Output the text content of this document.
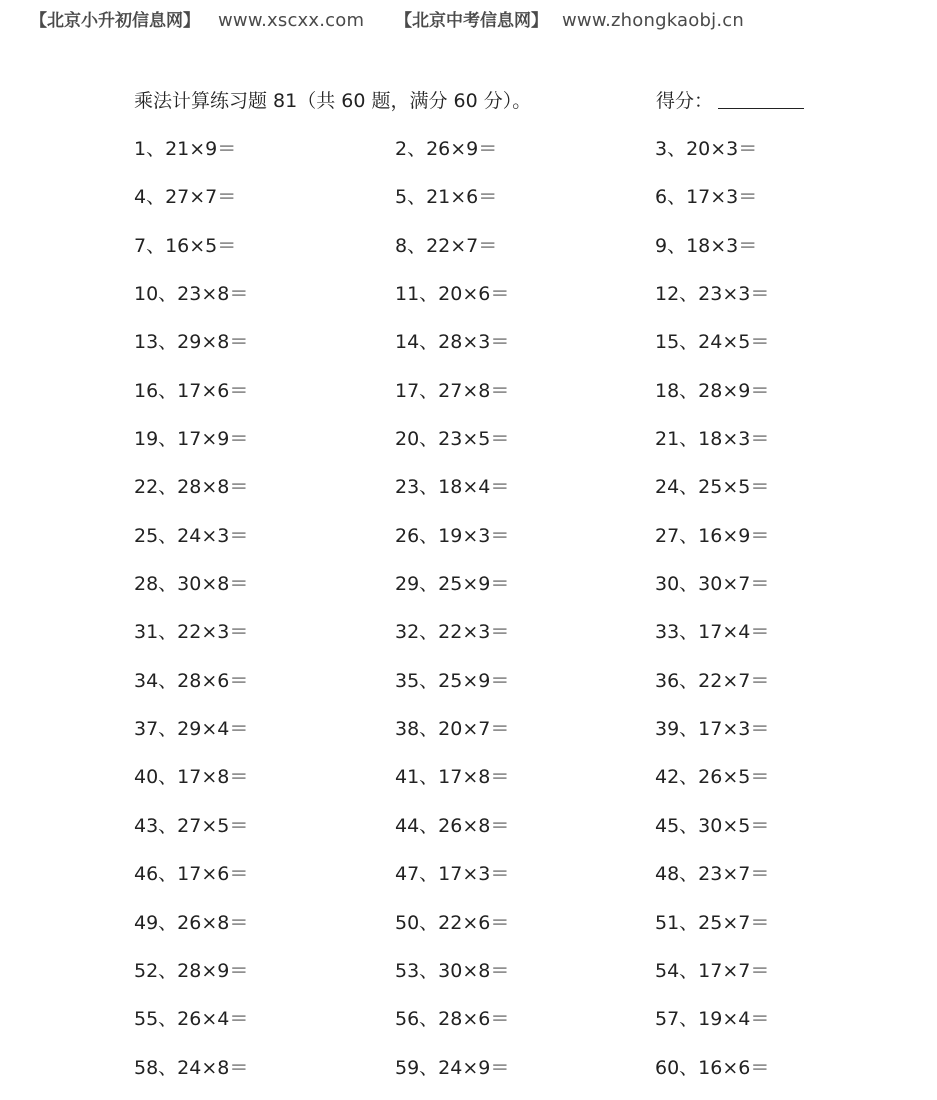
【北京小升初信息网】 www.xscxx.com 【北京中考信息网】 www.zhongkaobj.cn
乘法计算练习题 81（共 60 题，满分 60 分）。	得分：
1、21×9＝	2、26×9＝	3、20×3＝
4、27×7＝	5、21×6＝	6、17×3＝
7、16×5＝	8、22×7＝	9、18×3＝
10、23×8＝	11、20×6＝	12、23×3＝
13、29×8＝	14、28×3＝	15、24×5＝
16、17×6＝	17、27×8＝	18、28×9＝
19、17×9＝	20、23×5＝	21、18×3＝
22、28×8＝	23、18×4＝	24、25×5＝
25、24×3＝	26、19×3＝	27、16×9＝
28、30×8＝	29、25×9＝	30、30×7＝
31、22×3＝	32、22×3＝	33、17×4＝
34、28×6＝	35、25×9＝	36、22×7＝
37、29×4＝	38、20×7＝	39、17×3＝
40、17×8＝	41、17×8＝	42、26×5＝
43、27×5＝	44、26×8＝	45、30×5＝
46、17×6＝	47、17×3＝	48、23×7＝
49、26×8＝	50、22×6＝	51、25×7＝
52、28×9＝	53、30×8＝	54、17×7＝
55、26×4＝	56、28×6＝	57、19×4＝
58、24×8＝	59、24×9＝	60、16×6＝
